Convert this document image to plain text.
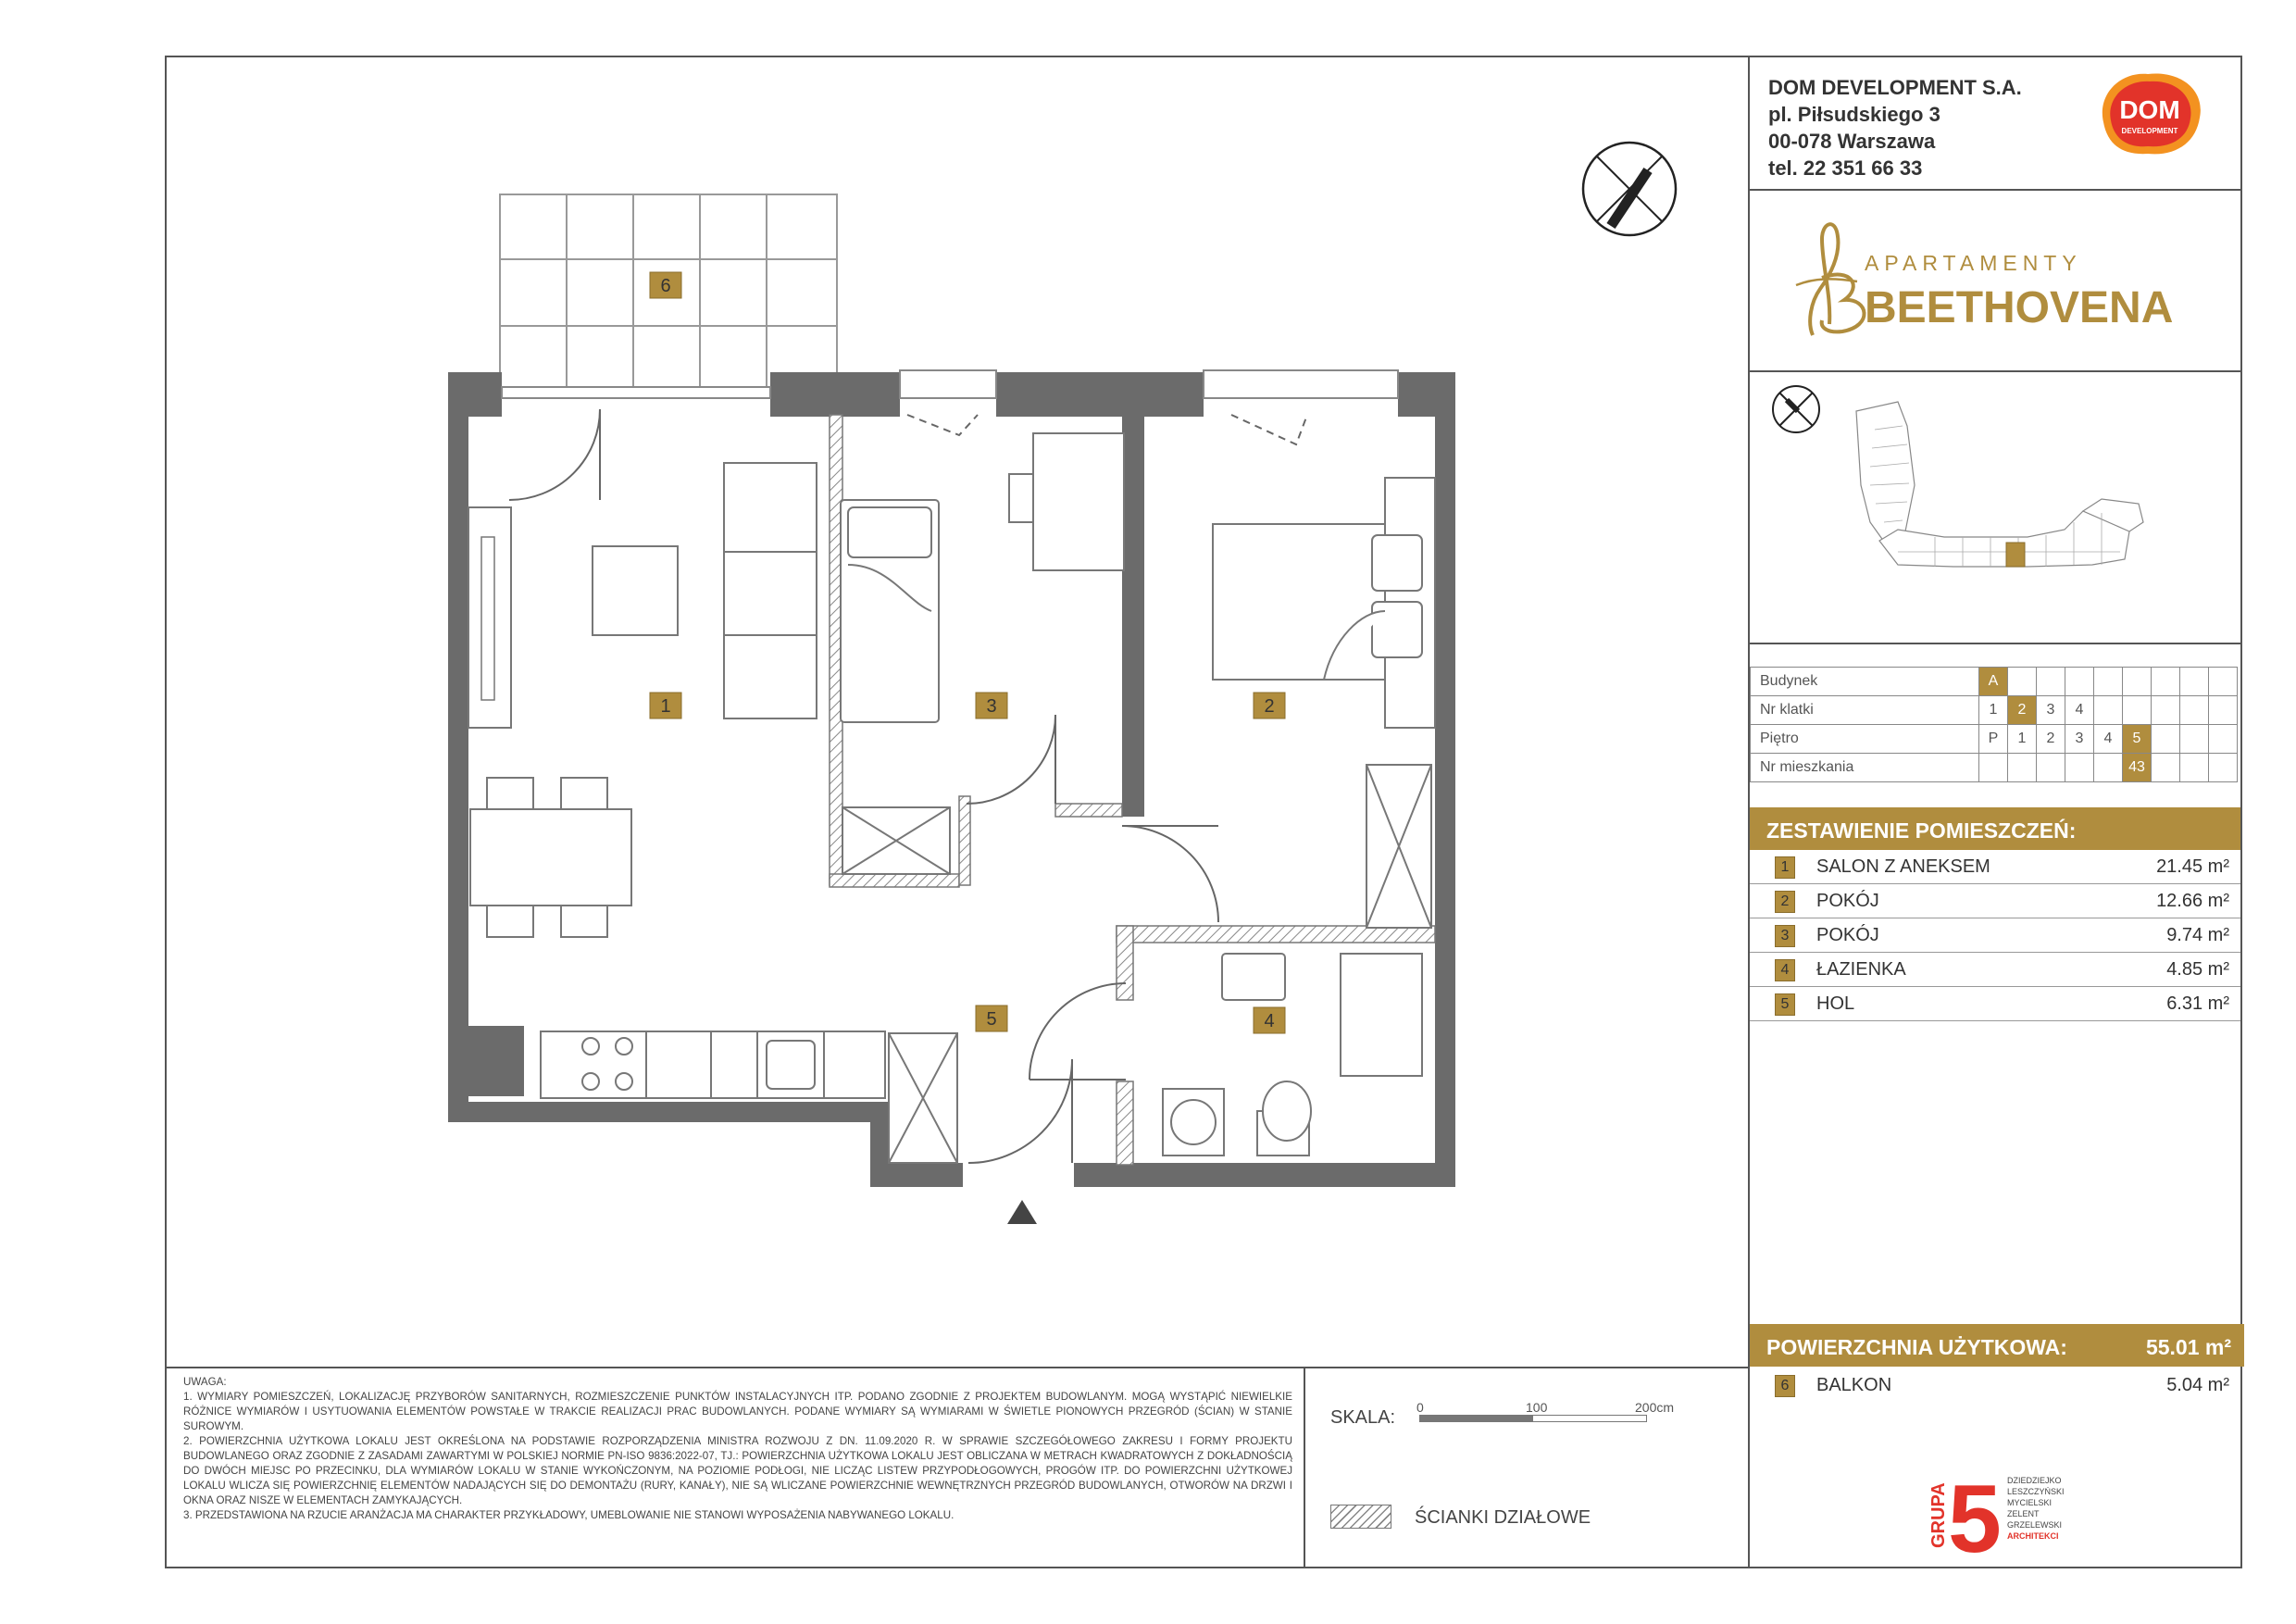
DOM DEVELOPMENT S.A.
pl. Piłsudskiego 3
00-078 Warszawa
tel. 22 351 66 33
DOM
DEVELOPMENT
APARTAMENTY
BEETHOVENA
Budynek	A								
Nr klatki	1	2	3	4					
Piętro	P	1	2	3	4	5			
Nr mieszkania						43			
ZESTAWIENIE POMIESZCZEŃ:
1	SALON Z ANEKSEM	21.45 m²
2	POKÓJ	12.66 m²
3	POKÓJ	9.74 m²
4	ŁAZIENKA	4.85 m²
5	HOL	6.31 m²
POWIERZCHNIA UŻYTKOWA:	55.01 m²
6	BALKON	5.04 m²
GRUPA 5 DZIEDZIEJKO
LESZCZYŃSKI
MYCIELSKI
ZELENT
GRZELEWSKI
ARCHITEKCI
UWAGA:
1. WYMIARY POMIESZCZEŃ, LOKALIZACJĘ PRZYBORÓW SANITARNYCH, ROZMIESZCZENIE PUNKTÓW INSTALACYJNYCH ITP. PODANO ZGODNIE Z PROJEKTEM BUDOWLANYM. MOGĄ WYSTĄPIĆ NIEWIELKIE RÓŻNICE WYMIARÓW I USYTUOWANIA ELEMENTÓW POWSTAŁE W TRAKCIE REALIZACJI PRAC BUDOWLANYCH. PODANE WYMIARY SĄ WYMIARAMI W ŚWIETLE PIONOWYCH PRZEGRÓD (ŚCIAN) W STANIE SUROWYM.
2. POWIERZCHNIA UŻYTKOWA LOKALU JEST OKREŚLONA NA PODSTAWIE ROZPORZĄDZENIA MINISTRA ROZWOJU Z DN. 11.09.2020 R. W SPRAWIE SZCZEGÓŁOWEGO ZAKRESU I FORMY PROJEKTU BUDOWLANEGO ORAZ ZGODNIE Z ZASADAMI ZAWARTYMI W POLSKIEJ NORMIE PN-ISO 9836:2022-07, TJ.: POWIERZCHNIA UŻYTKOWA LOKALU JEST OBLICZANA W METRACH KWADRATOWYCH Z DOKŁADNOŚCIĄ DO DWÓCH MIEJSC PO PRZECINKU, DLA WYMIARÓW LOKALU W STANIE WYKOŃCZONYM, NA POZIOMIE PODŁOGI, NIE LICZĄC LISTEW PRZYPODŁOGOWYCH, PROGÓW ITP. DO POWIERZCHNI UŻYTKOWEJ LOKALU WLICZA SIĘ POWIERZCHNIĘ ELEMENTÓW NADAJĄCYCH SIĘ DO DEMONTAŻU (RURY, KANAŁY), NIE SĄ WLICZANE POWIERZCHNIE WEWNĘTRZNYCH PRZEGRÓD BUDOWLANYCH, OTWORÓW NA DRZWI I OKNA ORAZ NISZE W ELEMENTACH ZAMYKAJĄCYCH.
3. PRZEDSTAWIONA NA RZUCIE ARANŻACJA MA CHARAKTER PRZYKŁADOWY, UMEBLOWANIE NIE STANOWI WYPOSAŻENIA NABYWANEGO LOKALU.
SKALA: 0	100	200cm
ŚCIANKI DZIAŁOWE
1	2
3
4
5
6
